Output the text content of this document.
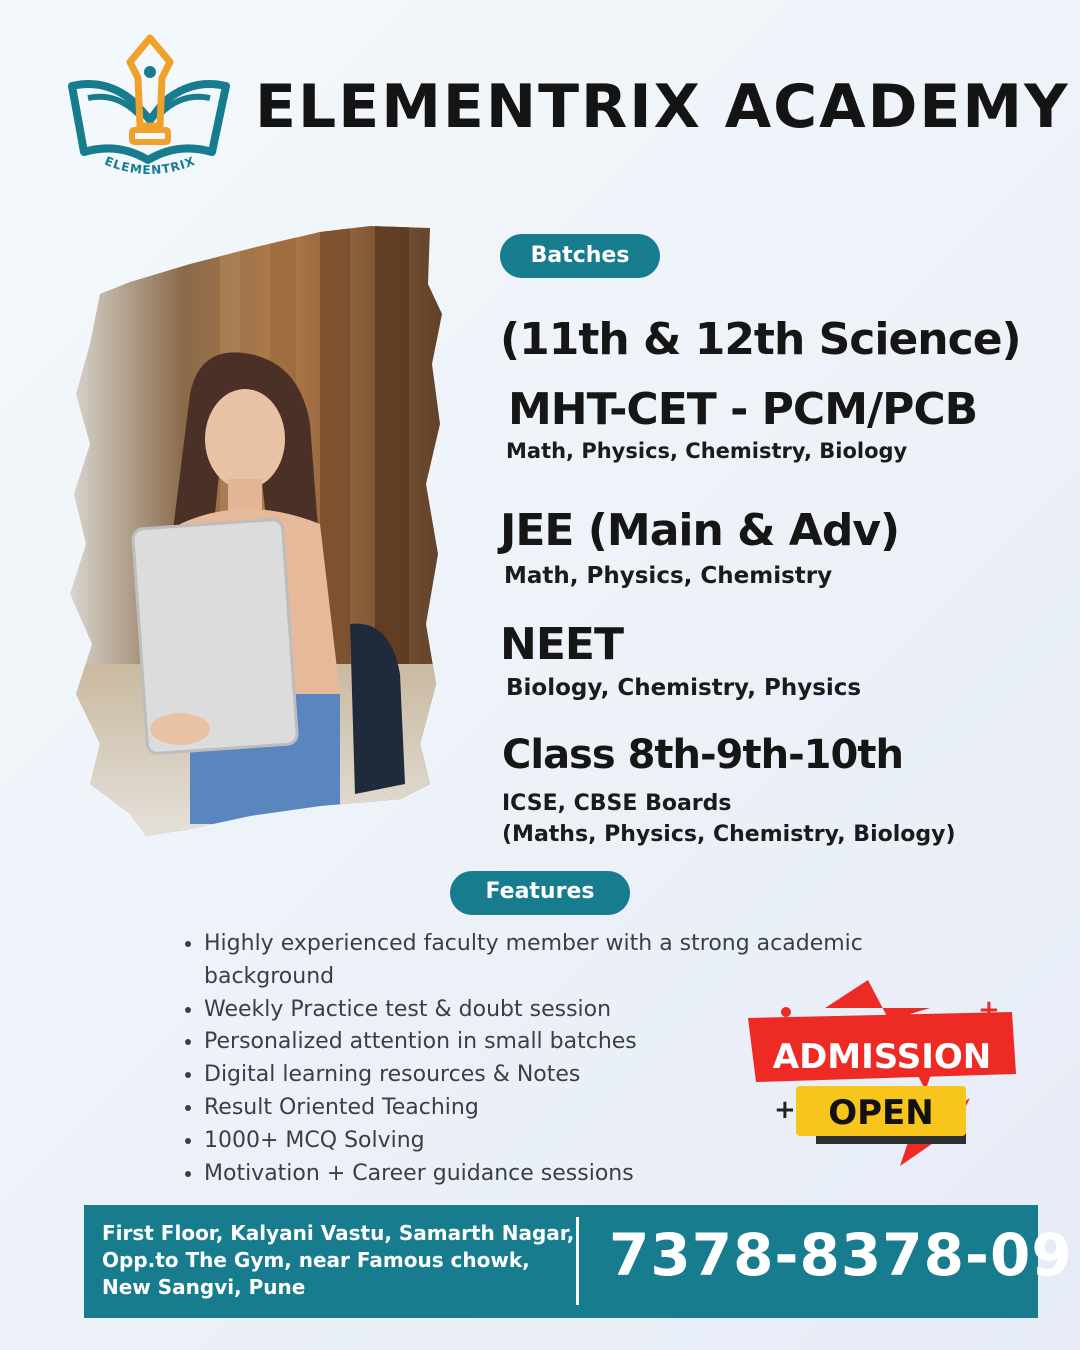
ELEMENTRIX
ELEMENTRIX ACADEMY
Batches
(11th & 12th Science)
MHT-CET - PCM/PCB
Math, Physics, Chemistry, Biology
JEE (Main & Adv)
Math, Physics, Chemistry
NEET
Biology, Chemistry, Physics
Class 8th-9th-10th
ICSE, CBSE Boards
(Maths, Physics, Chemistry, Biology)
Features
• Highly experienced faculty member with a strong academic background
• Weekly Practice test & doubt session
• Personalized attention in small batches
• Digital learning resources & Notes
• Result Oriented Teaching
• 1000+ MCQ Solving
• Motivation + Career guidance sessions
ADMISSION
OPEN
+
+
First Floor, Kalyani Vastu, Samarth Nagar,
Opp.to The Gym, near Famous chowk,
New Sangvi, Pune	7378-8378-09
